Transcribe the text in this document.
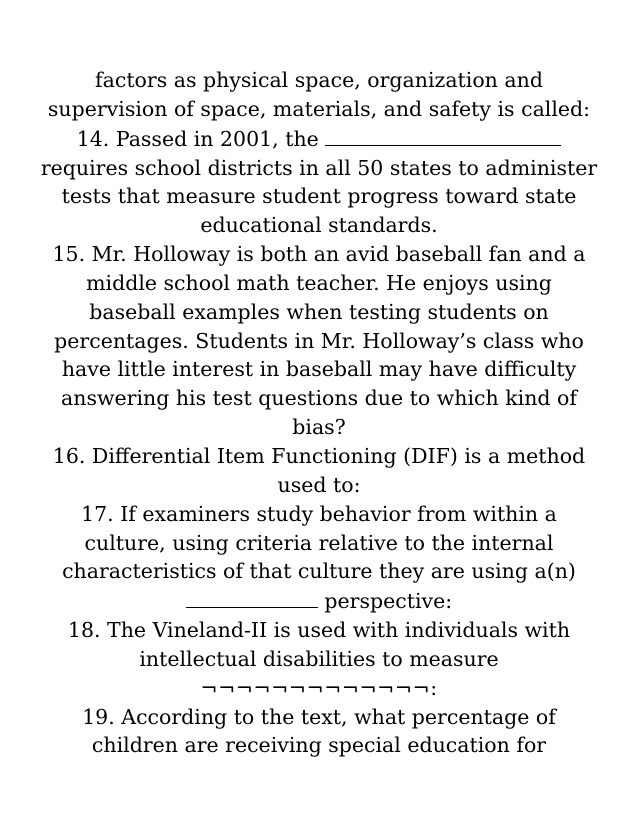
factors as physical space, organization and supervision of space, materials, and safety is called:

14. Passed in 2001, the  requires school districts in all 50 states to administer tests that measure student progress toward state educational standards.

15. Mr. Holloway is both an avid baseball fan and a middle school math teacher. He enjoys using baseball examples when testing students on percentages. Students in Mr. Holloway’s class who have little interest in baseball may have difficulty answering his test questions due to which kind of bias?

16. Differential Item Functioning (DIF) is a method used to:

17. If examiners study behavior from within a culture, using criteria relative to the internal characteristics of that culture they are using a(n)  perspective:

18. The Vineland-II is used with individuals with intellectual disabilities to measure ¬¬¬¬¬¬¬¬¬¬¬¬¬:

19. According to the text, what percentage of children are receiving special education for
